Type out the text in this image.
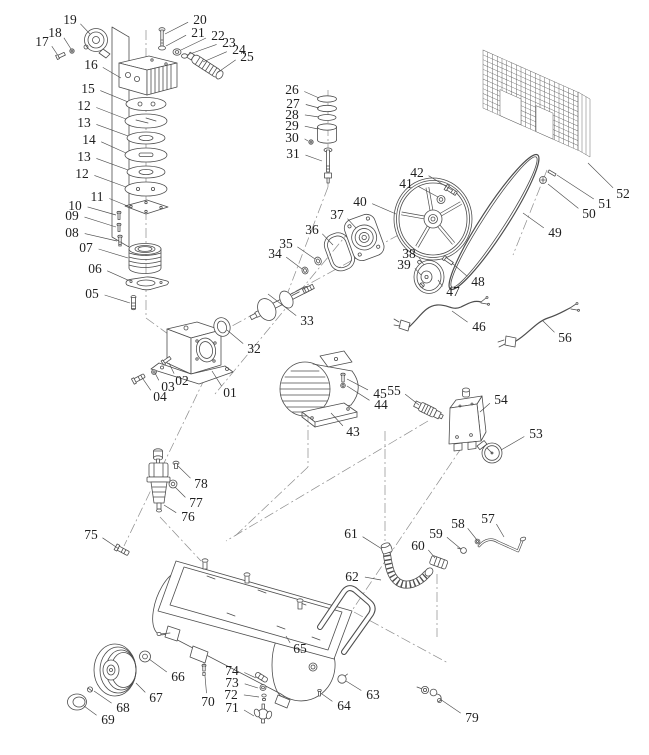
19
18
17
16
15
12
13
14
13
12
11
10
09
08
07
06
05
20
21 22
23
24
25
26
27
28
29
30
31
42
41
40
37
36
35
34	38
39
48
47
49
50
51
52
46
56
33
32
01
02
03
04
43
44
45 55
54
53
57
58
59
60
61
62
78
77
76
75
65
66
67
68
69
70 71
72
73
74
63
64
79
